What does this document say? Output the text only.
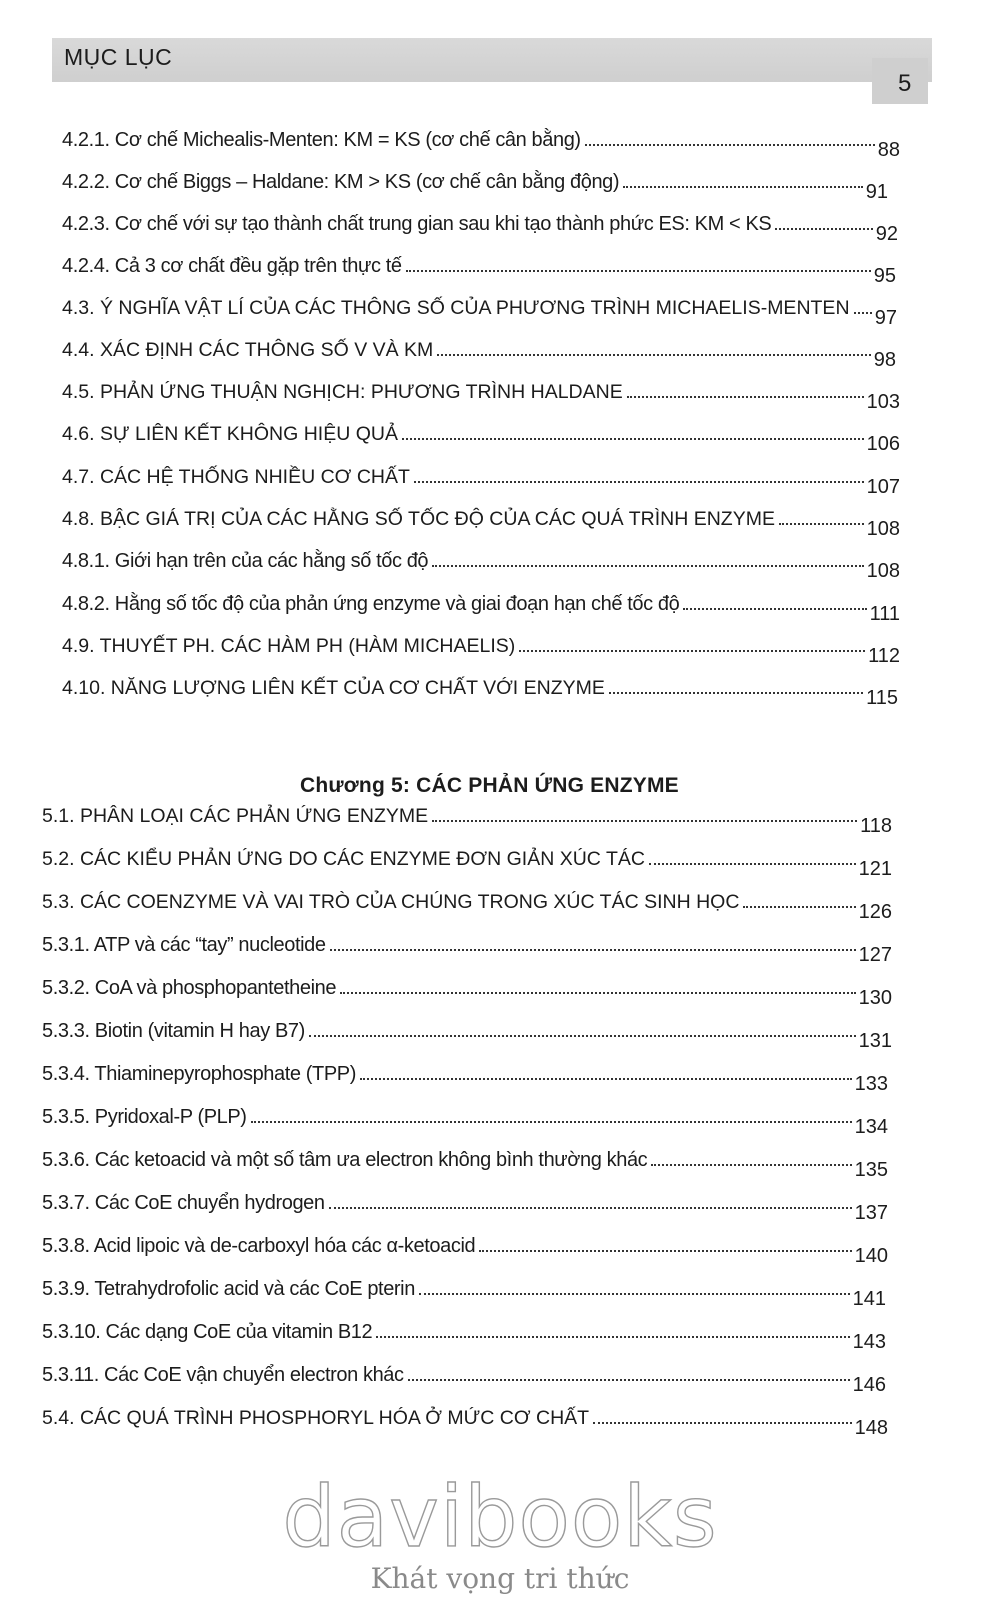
MỤC LỤC
5
4.2.1. Cơ chế Michealis-Menten: KM = KS (cơ chế cân bằng)	88
4.2.2. Cơ chế Biggs – Haldane: KM > KS (cơ chế cân bằng động)	91
4.2.3. Cơ chế với sự tạo thành chất trung gian sau khi tạo thành phức ES: KM < KS	92
4.2.4. Cả 3 cơ chất đều gặp trên thực tế	95
4.3. Ý NGHĨA VẬT LÍ CỦA CÁC THÔNG SỐ CỦA PHƯƠNG TRÌNH MICHAELIS-MENTEN 97
4.4. XÁC ĐỊNH CÁC THÔNG SỐ V VÀ KM	98
4.5. PHẢN ỨNG THUẬN NGHỊCH: PHƯƠNG TRÌNH HALDANE	103
4.6. SỰ LIÊN KẾT KHÔNG HIỆU QUẢ	106
4.7. CÁC HỆ THỐNG NHIỀU CƠ CHẤT	107
4.8. BẬC GIÁ TRỊ CỦA CÁC HẰNG SỐ TỐC ĐỘ CỦA CÁC QUÁ TRÌNH ENZYME	108
4.8.1. Giới hạn trên của các hằng số tốc độ	108
4.8.2. Hằng số tốc độ của phản ứng enzyme và giai đoạn hạn chế tốc độ	111
4.9. THUYẾT PH. CÁC HÀM PH (HÀM MICHAELIS)	112
4.10. NĂNG LƯỢNG LIÊN KẾT CỦA CƠ CHẤT VỚI ENZYME	115
Chương 5: CÁC PHẢN ỨNG ENZYME
5.1. PHÂN LOẠI CÁC PHẢN ỨNG ENZYME	118
5.2. CÁC KIỂU PHẢN ỨNG DO CÁC ENZYME ĐƠN GIẢN XÚC TÁC	121
5.3. CÁC COENZYME VÀ VAI TRÒ CỦA CHÚNG TRONG XÚC TÁC SINH HỌC	126
5.3.1. ATP và các “tay” nucleotide	127
5.3.2. CoA và phosphopantetheine	130
5.3.3. Biotin (vitamin H hay B7)	131
5.3.4. Thiaminepyrophosphate (TPP)	133
5.3.5. Pyridoxal-P (PLP)	134
5.3.6. Các ketoacid và một số tâm ưa electron không bình thường khác	135
5.3.7. Các CoE chuyển hydrogen	137
5.3.8. Acid lipoic và de-carboxyl hóa các α-ketoacid	140
5.3.9. Tetrahydrofolic acid và các CoE pterin	141
5.3.10. Các dạng CoE của vitamin B12	143
5.3.11. Các CoE vận chuyển electron khác	146
5.4. CÁC QUÁ TRÌNH PHOSPHORYL HÓA Ở MỨC CƠ CHẤT	148
davibooks
Khát vọng tri thức
